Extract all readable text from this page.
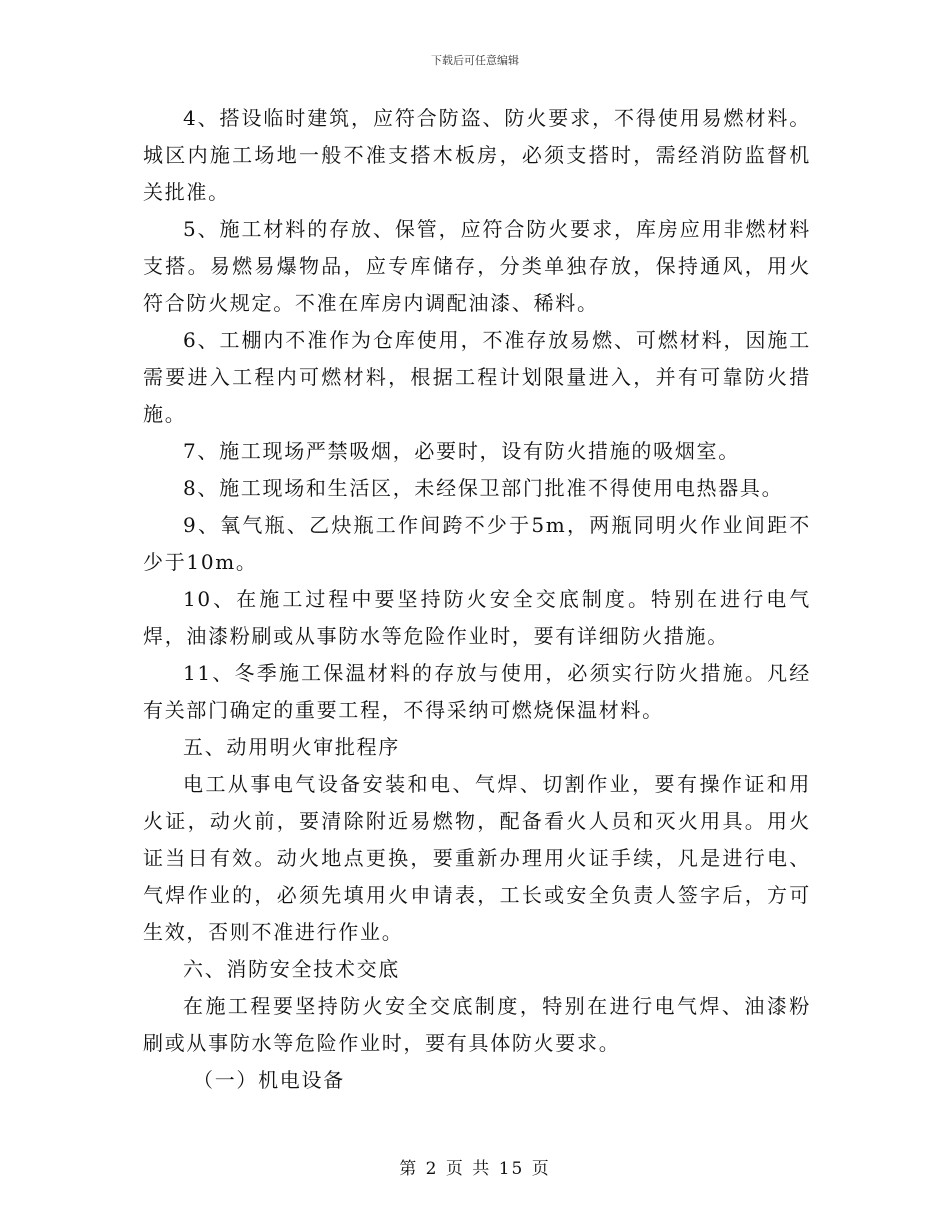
下载后可任意编辑

4、搭设临时建筑，应符合防盗、防火要求，不得使用易燃材料。城区内施工场地一般不准支搭木板房，必须支搭时，需经消防监督机关批准。

5、施工材料的存放、保管，应符合防火要求，库房应用非燃材料支搭。易燃易爆物品，应专库储存，分类单独存放，保持通风，用火符合防火规定。不准在库房内调配油漆、稀料。

6、工棚内不准作为仓库使用，不准存放易燃、可燃材料，因施工需要进入工程内可燃材料，根据工程计划限量进入，并有可靠防火措施。

7、施工现场严禁吸烟，必要时，设有防火措施的吸烟室。

8、施工现场和生活区，未经保卫部门批准不得使用电热器具。

9、氧气瓶、乙炔瓶工作间跨不少于5m，两瓶同明火作业间距不少于10m。

10、在施工过程中要坚持防火安全交底制度。特别在进行电气焊，油漆粉刷或从事防水等危险作业时，要有详细防火措施。

11、冬季施工保温材料的存放与使用，必须实行防火措施。凡经有关部门确定的重要工程，不得采纳可燃烧保温材料。

五、动用明火审批程序

电工从事电气设备安装和电、气焊、切割作业，要有操作证和用火证，动火前，要清除附近易燃物，配备看火人员和灭火用具。用火证当日有效。动火地点更换，要重新办理用火证手续，凡是进行电、气焊作业的，必须先填用火申请表，工长或安全负责人签字后，方可生效，否则不准进行作业。

六、消防安全技术交底

在施工程要坚持防火安全交底制度，特别在进行电气焊、油漆粉刷或从事防水等危险作业时，要有具体防火要求。

（一）机电设备

第 2 页 共 15 页
